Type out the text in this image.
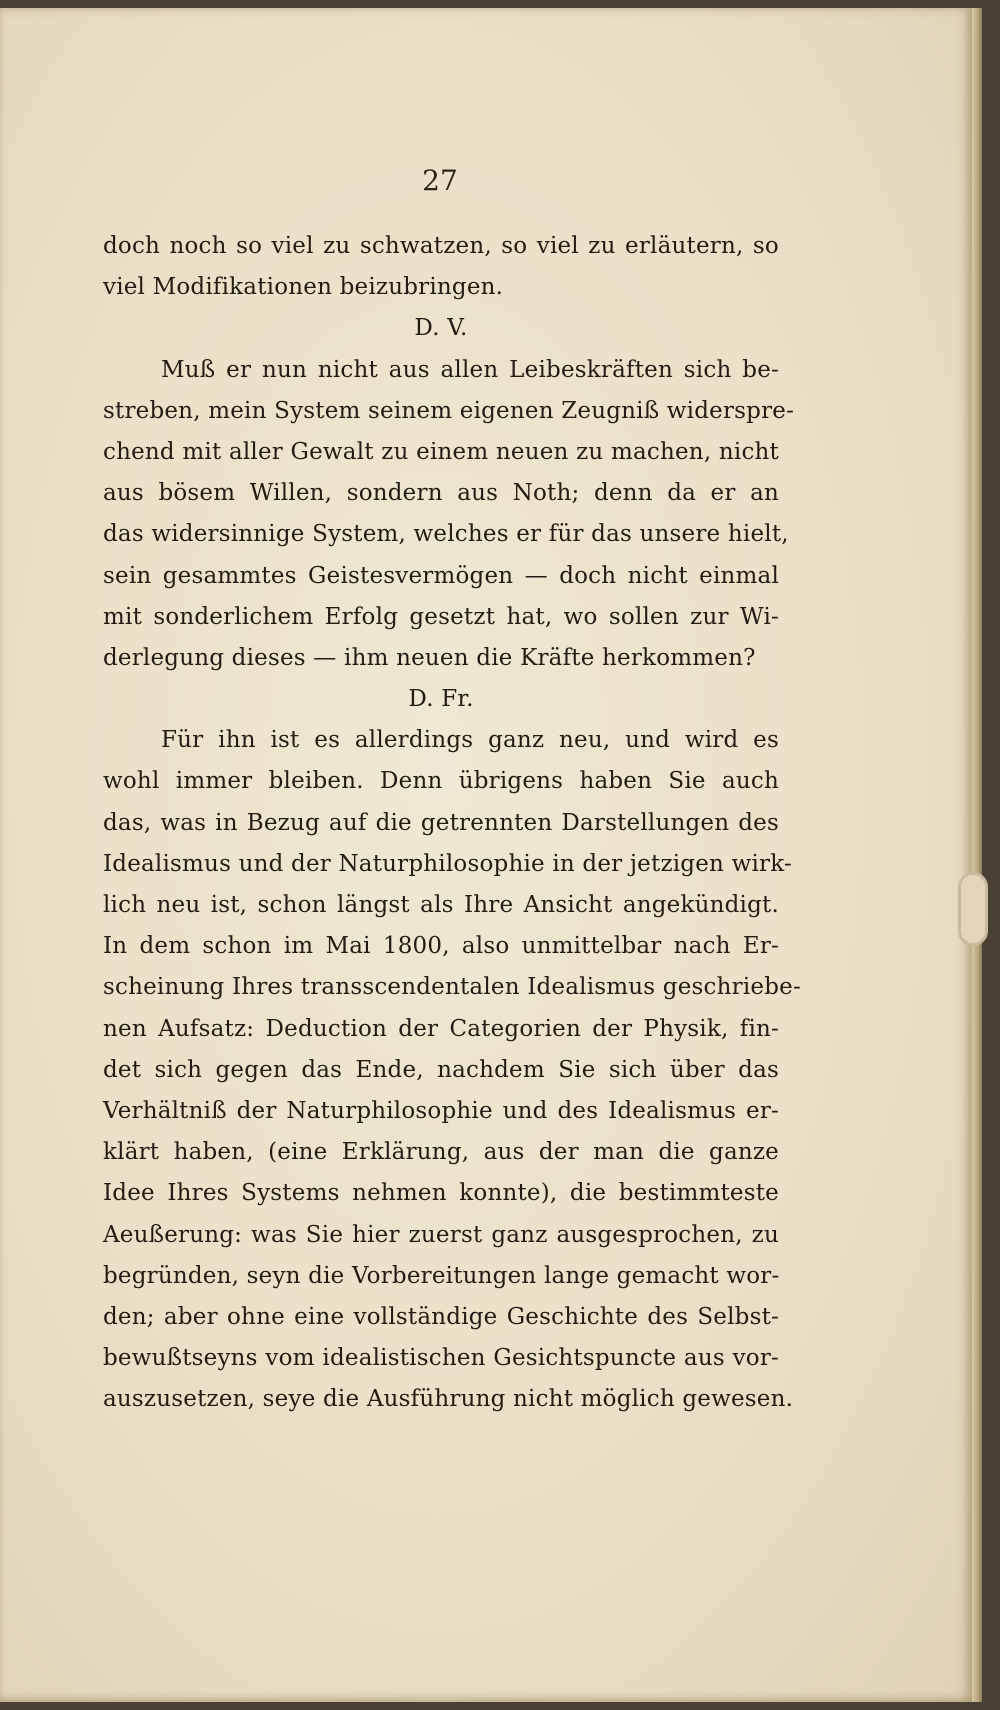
27
doch noch so viel zu schwatzen, so viel zu erläutern, so
viel Modifikationen beizubringen.
D. V.
Muß er nun nicht aus allen Leibeskräften sich be-
streben, mein System seinem eigenen Zeugniß widerspre-
chend mit aller Gewalt zu einem neuen zu machen, nicht
aus bösem Willen, sondern aus Noth; denn da er an
das widersinnige System, welches er für das unsere hielt,
sein gesammtes Geistesvermögen — doch nicht einmal
mit sonderlichem Erfolg gesetzt hat, wo sollen zur Wi-
derlegung dieses — ihm neuen die Kräfte herkommen?
D. Fr.
Für ihn ist es allerdings ganz neu, und wird es
wohl immer bleiben. Denn übrigens haben Sie auch
das, was in Bezug auf die getrennten Darstellungen des
Idealismus und der Naturphilosophie in der jetzigen wirk-
lich neu ist, schon längst als Ihre Ansicht angekündigt.
In dem schon im Mai 1800, also unmittelbar nach Er-
scheinung Ihres transscendentalen Idealismus geschriebe-
nen Aufsatz: Deduction der Categorien der Physik, fin-
det sich gegen das Ende, nachdem Sie sich über das
Verhältniß der Naturphilosophie und des Idealismus er-
klärt haben, (eine Erklärung, aus der man die ganze
Idee Ihres Systems nehmen konnte), die bestimmteste
Aeußerung: was Sie hier zuerst ganz ausgesprochen, zu
begründen, seyn die Vorbereitungen lange gemacht wor-
den; aber ohne eine vollständige Geschichte des Selbst-
bewußtseyns vom idealistischen Gesichtspuncte aus vor-
auszusetzen, seye die Ausführung nicht möglich gewesen.
